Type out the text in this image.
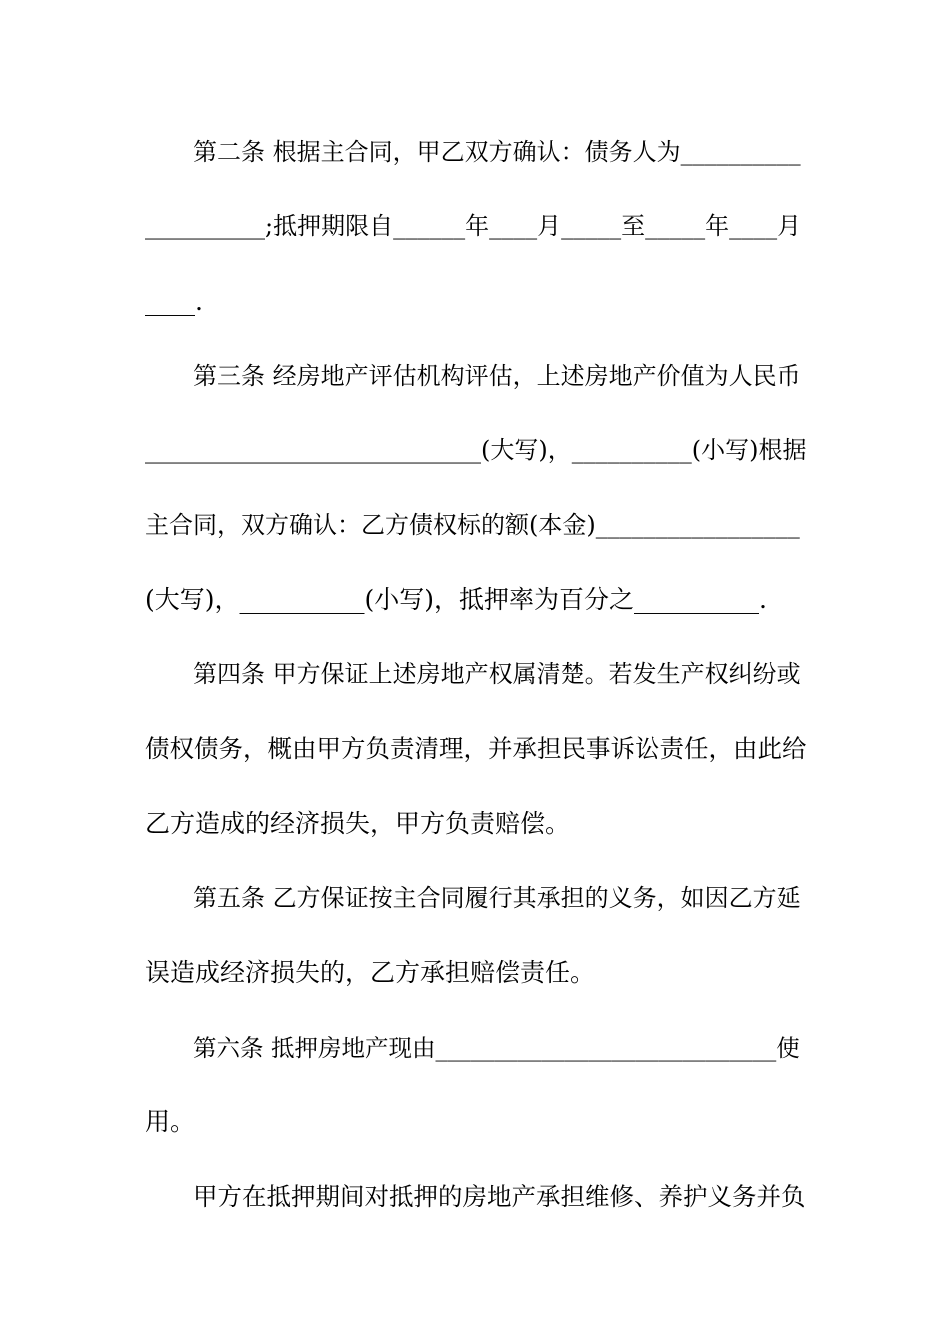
第二条 根据主合同，甲乙双方确认：债务人为__________
__________;抵押期限自______年____月_____至_____年____月
____.
第三条 经房地产评估机构评估，上述房地产价值为人民币
____________________________(大写)，__________(小写)根据
主合同，双方确认：乙方债权标的额(本金)_________________
(大写)，__________(小写)，抵押率为百分之__________.
第四条 甲方保证上述房地产权属清楚。若发生产权纠纷或
债权债务，概由甲方负责清理，并承担民事诉讼责任，由此给
乙方造成的经济损失，甲方负责赔偿。
第五条 乙方保证按主合同履行其承担的义务，如因乙方延
误造成经济损失的，乙方承担赔偿责任。
第六条 抵押房地产现由_____________________________使
用。
甲方在抵押期间对抵押的房地产承担维修、养护义务并负
